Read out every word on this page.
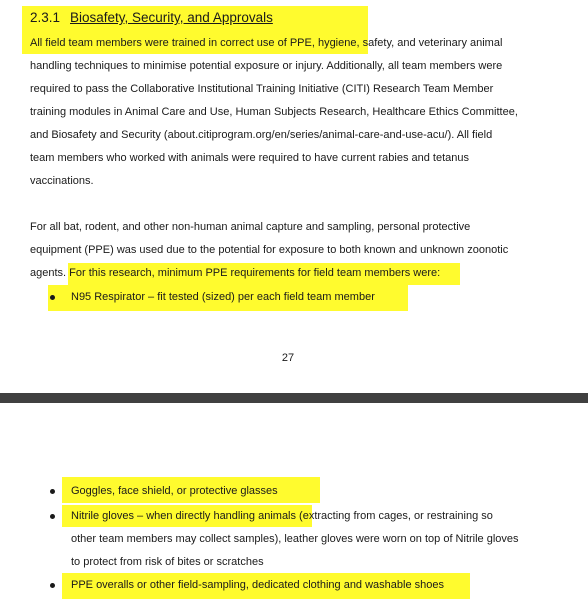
2.3.1 Biosafety, Security, and Approvals
All field team members were trained in correct use of PPE, hygiene, safety, and veterinary animal
handling techniques to minimise potential exposure or injury. Additionally, all team members were
required to pass the Collaborative Institutional Training Initiative (CITI) Research Team Member
training modules in Animal Care and Use, Human Subjects Research, Healthcare Ethics Committee,
and Biosafety and Security (about.citiprogram.org/en/series/animal-care-and-use-acu/). All field
team members who worked with animals were required to have current rabies and tetanus
vaccinations.
For all bat, rodent, and other non-human animal capture and sampling, personal protective
equipment (PPE) was used due to the potential for exposure to both known and unknown zoonotic
agents. For this research, minimum PPE requirements for field team members were:
N95 Respirator – fit tested (sized) per each field team member
27
Goggles, face shield, or protective glasses
Nitrile gloves – when directly handling animals (extracting from cages, or restraining so
other team members may collect samples), leather gloves were worn on top of Nitrile gloves
to protect from risk of bites or scratches
PPE overalls or other field-sampling, dedicated clothing and washable shoes
